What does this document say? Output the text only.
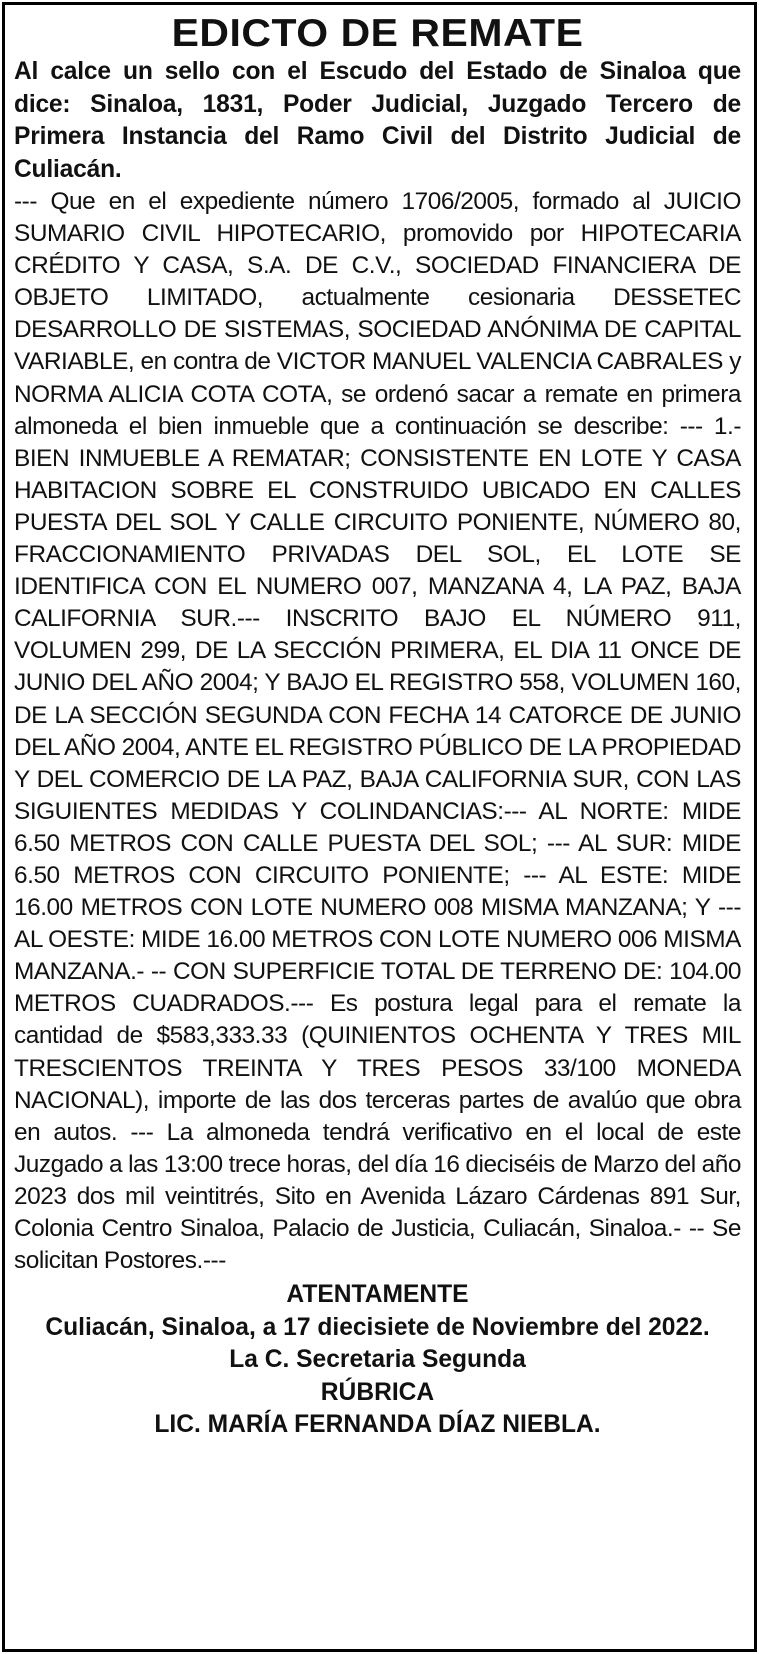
EDICTO DE REMATE

Al calce un sello con el Escudo del Estado de Sinaloa que dice: Sinaloa, 1831, Poder Judicial, Juzgado Tercero de Primera Instancia del Ramo Civil del Distrito Judicial de Culiacán.

--- Que en el expediente número 1706/2005, formado al JUICIO SUMARIO CIVIL HIPOTECARIO, promovido por HIPOTECARIA CRÉDITO Y CASA, S.A. DE C.V., SOCIEDAD FINANCIERA DE OBJETO LIMITADO, actualmente cesionaria DESSETEC DESARROLLO DE SISTEMAS, SOCIEDAD ANÓNIMA DE CAPITAL VARIABLE, en contra de VICTOR MANUEL VALENCIA CABRALES y NORMA ALICIA COTA COTA, se ordenó sacar a remate en primera almoneda el bien inmueble que a continuación se describe: --- 1.- BIEN INMUEBLE A REMATAR; CONSISTENTE EN LOTE Y CASA HABITACION SOBRE EL CONSTRUIDO UBICADO EN CALLES PUESTA DEL SOL Y CALLE CIRCUITO PONIENTE, NÚMERO 80, FRACCIONAMIENTO PRIVADAS DEL SOL, EL LOTE SE IDENTIFICA CON EL NUMERO 007, MANZANA 4, LA PAZ, BAJA CALIFORNIA SUR.--- INSCRITO BAJO EL NÚMERO 911, VOLUMEN 299, DE LA SECCIÓN PRIMERA, EL DIA 11 ONCE DE JUNIO DEL AÑO 2004; Y BAJO EL REGISTRO 558, VOLUMEN 160, DE LA SECCIÓN SEGUNDA CON FECHA 14 CATORCE DE JUNIO DEL AÑO 2004, ANTE EL REGISTRO PÚBLICO DE LA PROPIEDAD Y DEL COMERCIO DE LA PAZ, BAJA CALIFORNIA SUR, CON LAS SIGUIENTES MEDIDAS Y COLINDANCIAS:--- AL NORTE: MIDE 6.50 METROS CON CALLE PUESTA DEL SOL; --- AL SUR: MIDE 6.50 METROS CON CIRCUITO PONIENTE; --- AL ESTE: MIDE 16.00 METROS CON LOTE NUMERO 008 MISMA MANZANA; Y --- AL OESTE: MIDE 16.00 METROS CON LOTE NUMERO 006 MISMA MANZANA.- -- CON SUPERFICIE TOTAL DE TERRENO DE: 104.00 METROS CUADRADOS.--- Es postura legal para el remate la cantidad de $583,333.33 (QUINIENTOS OCHENTA Y TRES MIL TRESCIENTOS TREINTA Y TRES PESOS 33/100 MONEDA NACIONAL), importe de las dos terceras partes de avalúo que obra en autos. --- La almoneda tendrá verificativo en el local de este Juzgado a las 13:00 trece horas, del día 16 dieciséis de Marzo del año 2023 dos mil veintitrés, Sito en Avenida Lázaro Cárdenas 891 Sur, Colonia Centro Sinaloa, Palacio de Justicia, Culiacán, Sinaloa.- -- Se solicitan Postores.---

ATENTAMENTE
Culiacán, Sinaloa, a 17 diecisiete de Noviembre del 2022.
La C. Secretaria Segunda
RÚBRICA
LIC. MARÍA FERNANDA DÍAZ NIEBLA.
